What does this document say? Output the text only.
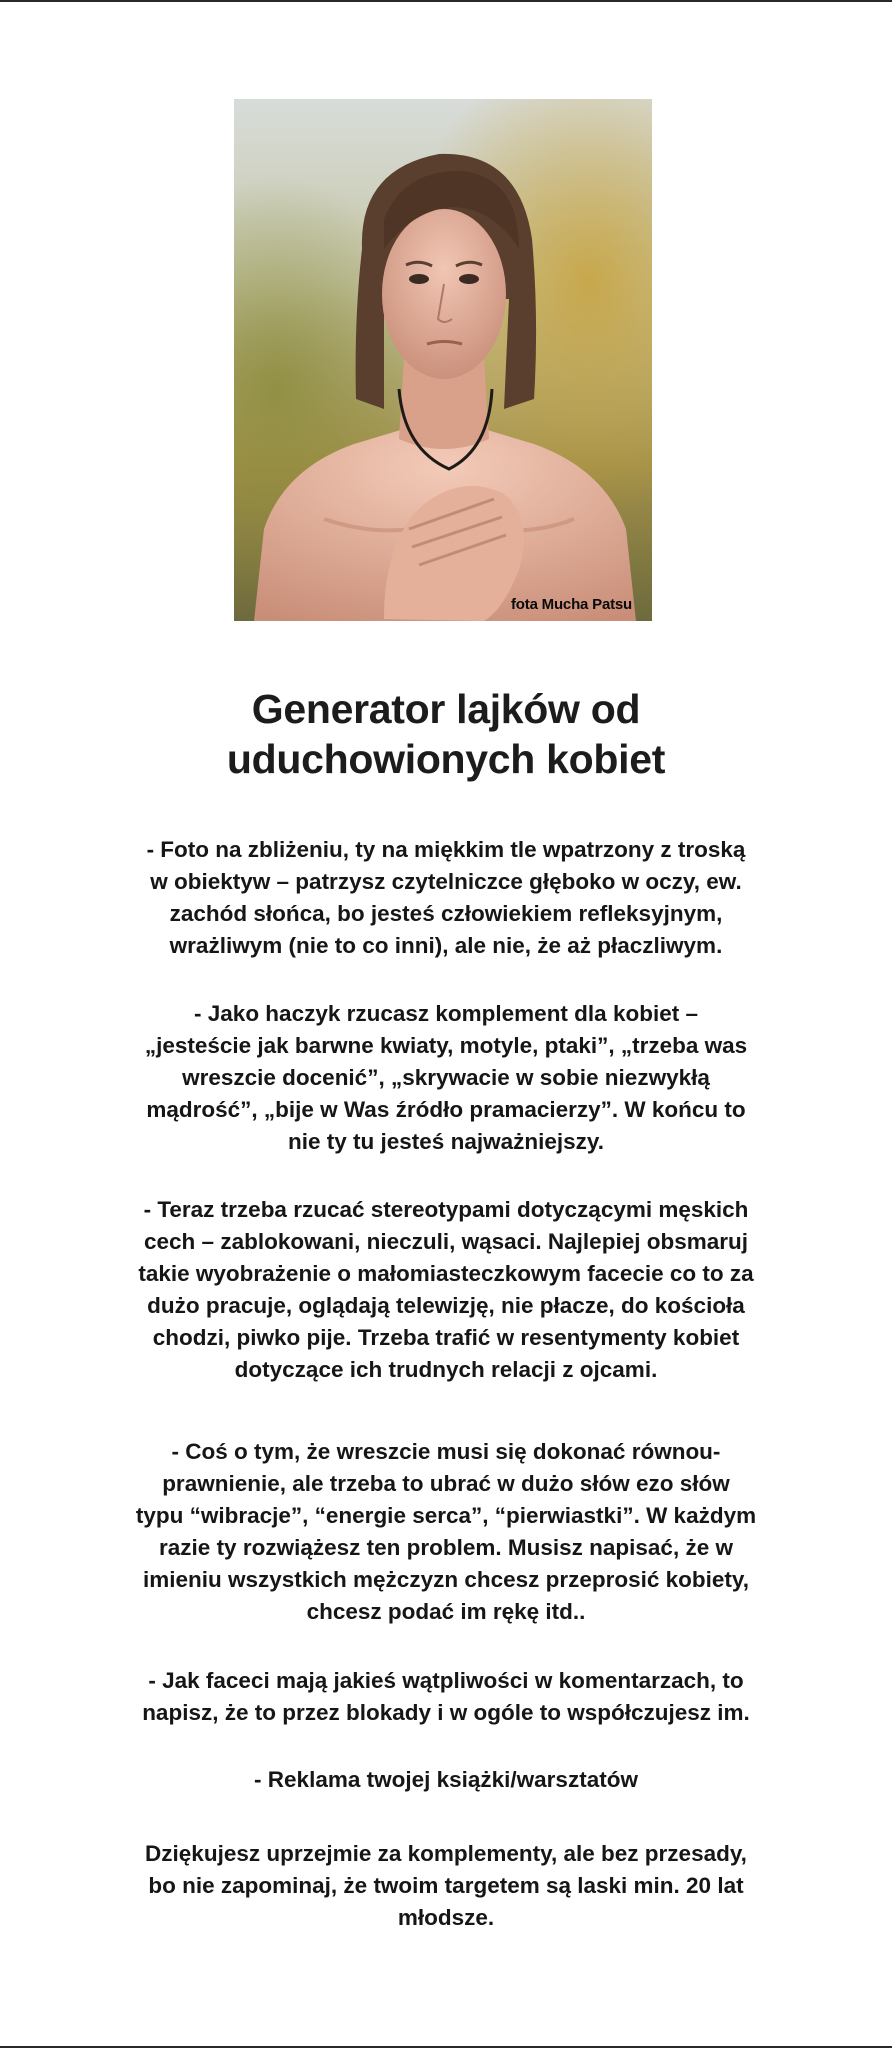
fota Mucha Patsu
Generator lajków od
uduchowionych kobiet
- Foto na zbliżeniu, ty na miękkim tle wpatrzony z troską
w obiektyw – patrzysz czytelniczce głęboko w oczy, ew.
zachód słońca, bo jesteś człowiekiem refleksyjnym,
wrażliwym (nie to co inni), ale nie, że aż płaczliwym.
- Jako haczyk rzucasz komplement dla kobiet –
„jesteście jak barwne kwiaty, motyle, ptaki”, „trzeba was
wreszcie docenić”, „skrywacie w sobie niezwykłą
mądrość”, „bije w Was źródło pramacierzy”. W końcu to
nie ty tu jesteś najważniejszy.
- Teraz trzeba rzucać stereotypami dotyczącymi męskich
cech – zablokowani, nieczuli, wąsaci. Najlepiej obsmaruj
takie wyobrażenie o małomiasteczkowym facecie co to za
dużo pracuje, oglądają telewizję, nie płacze, do kościoła
chodzi, piwko pije. Trzeba trafić w resentymenty kobiet
dotyczące ich trudnych relacji z ojcami.
- Coś o tym, że wreszcie musi się dokonać równou-
prawnienie, ale trzeba to ubrać w dużo słów ezo słów
typu “wibracje”, “energie serca”, “pierwiastki”. W każdym
razie ty rozwiążesz ten problem. Musisz napisać, że w
imieniu wszystkich mężczyzn chcesz przeprosić kobiety,
chcesz podać im rękę itd..
- Jak faceci mają jakieś wątpliwości w komentarzach, to
napisz, że to przez blokady i w ogóle to współczujesz im.
- Reklama twojej książki/warsztatów
Dziękujesz uprzejmie za komplementy, ale bez przesady,
bo nie zapominaj, że twoim targetem są laski min. 20 lat
młodsze.
